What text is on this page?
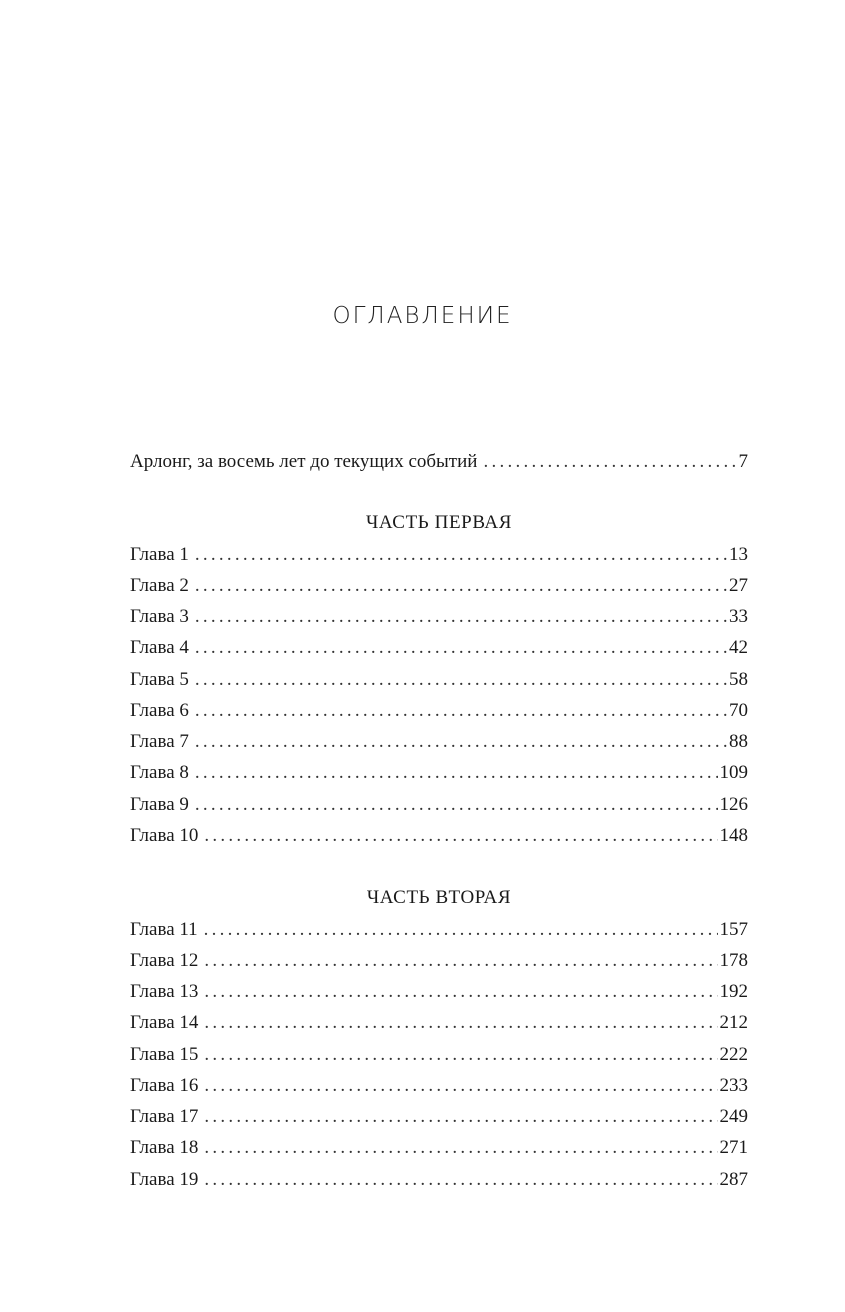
ОГЛАВЛЕНИЕ
Арлонг, за восемь лет до текущих событий . . .	7
ЧАСТЬ ПЕРВАЯ
Глава 1 . . .	13
Глава 2 . . .	27
Глава 3 . . .	33
Глава 4 . . .	42
Глава 5 . . .	58
Глава 6 . . .	70
Глава 7 . . .	88
Глава 8 . . .	109
Глава 9 . . .	126
Глава 10 . . .	148
ЧАСТЬ ВТОРАЯ
Глава 11 . . .	157
Глава 12 . . .	178
Глава 13 . . .	192
Глава 14 . . .	212
Глава 15 . . .	222
Глава 16 . . .	233
Глава 17 . . .	249
Глава 18 . . .	271
Глава 19 . . .	287
